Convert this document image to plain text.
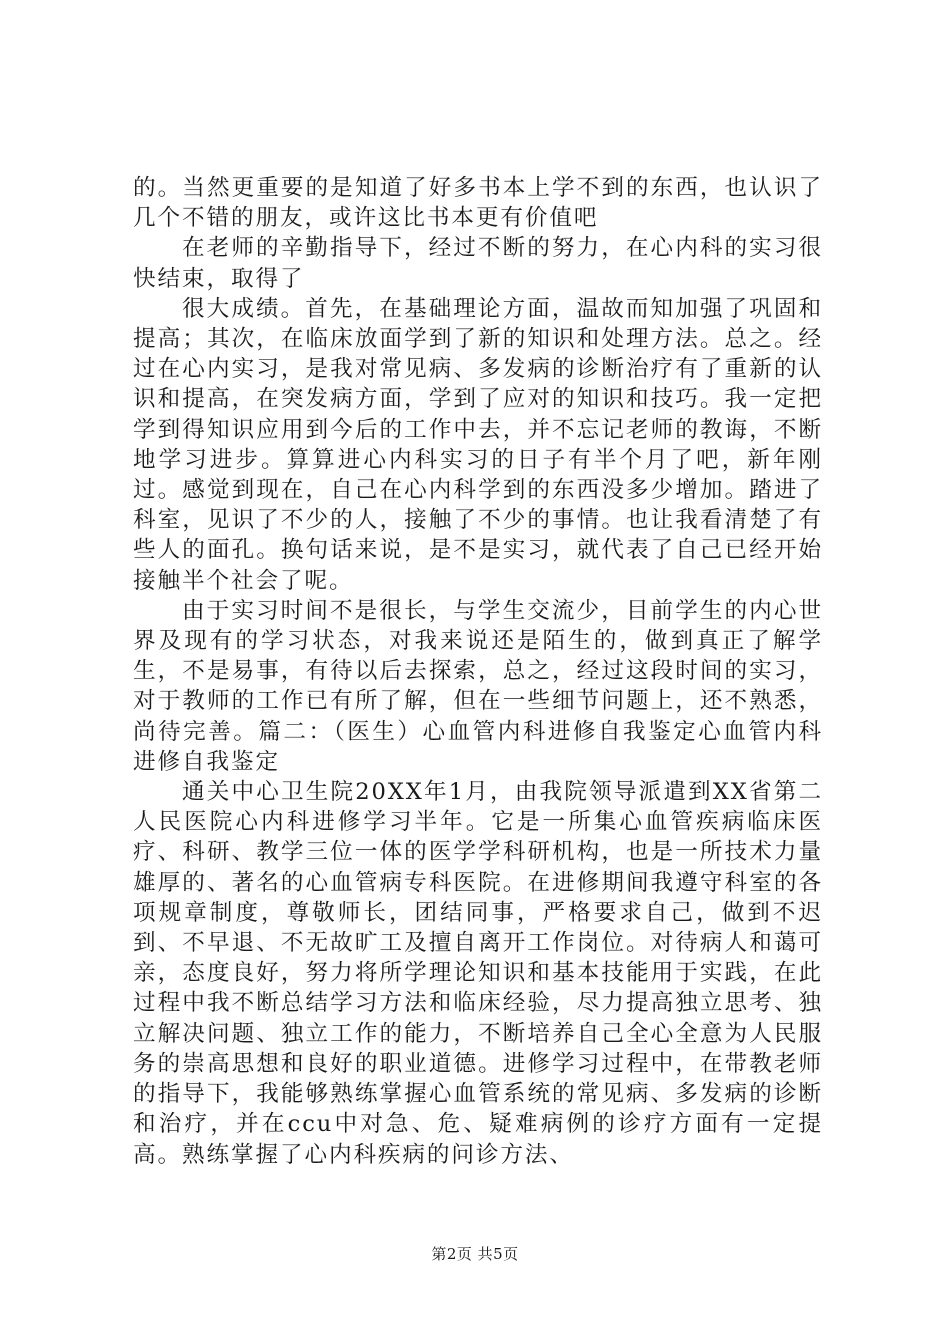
的。当然更重要的是知道了好多书本上学不到的东西，也认识了几个不错的朋友，或许这比书本更有价值吧

在老师的辛勤指导下，经过不断的努力，在心内科的实习很快结束，取得了

很大成绩。首先，在基础理论方面，温故而知加强了巩固和提高；其次，在临床放面学到了新的知识和处理方法。总之。经过在心内实习，是我对常见病、多发病的诊断治疗有了重新的认识和提高，在突发病方面，学到了应对的知识和技巧。我一定把学到得知识应用到今后的工作中去，并不忘记老师的教诲，不断地学习进步。算算进心内科实习的日子有半个月了吧，新年刚过。感觉到现在，自己在心内科学到的东西没多少增加。踏进了科室，见识了不少的人，接触了不少的事情。也让我看清楚了有些人的面孔。换句话来说，是不是实习，就代表了自己已经开始接触半个社会了呢。

由于实习时间不是很长，与学生交流少，目前学生的内心世界及现有的学习状态，对我来说还是陌生的，做到真正了解学生，不是易事，有待以后去探索，总之，经过这段时间的实习，对于教师的工作已有所了解，但在一些细节问题上，还不熟悉，尚待完善。篇二：（医生）心血管内科进修自我鉴定心血管内科进修自我鉴定

通关中心卫生院20XX年1月，由我院领导派遣到XX省第二人民医院心内科进修学习半年。它是一所集心血管疾病临床医疗、科研、教学三位一体的医学学科研机构，也是一所技术力量雄厚的、著名的心血管病专科医院。在进修期间我遵守科室的各项规章制度，尊敬师长，团结同事，严格要求自己，做到不迟到、不早退、不无故旷工及擅自离开工作岗位。对待病人和蔼可亲，态度良好，努力将所学理论知识和基本技能用于实践，在此过程中我不断总结学习方法和临床经验，尽力提高独立思考、独立解决问题、独立工作的能力，不断培养自己全心全意为人民服务的崇高思想和良好的职业道德。进修学习过程中，在带教老师的指导下，我能够熟练掌握心血管系统的常见病、多发病的诊断和治疗，并在ccu中对急、危、疑难病例的诊疗方面有一定提高。熟练掌握了心内科疾病的问诊方法、

第2页 共5页
